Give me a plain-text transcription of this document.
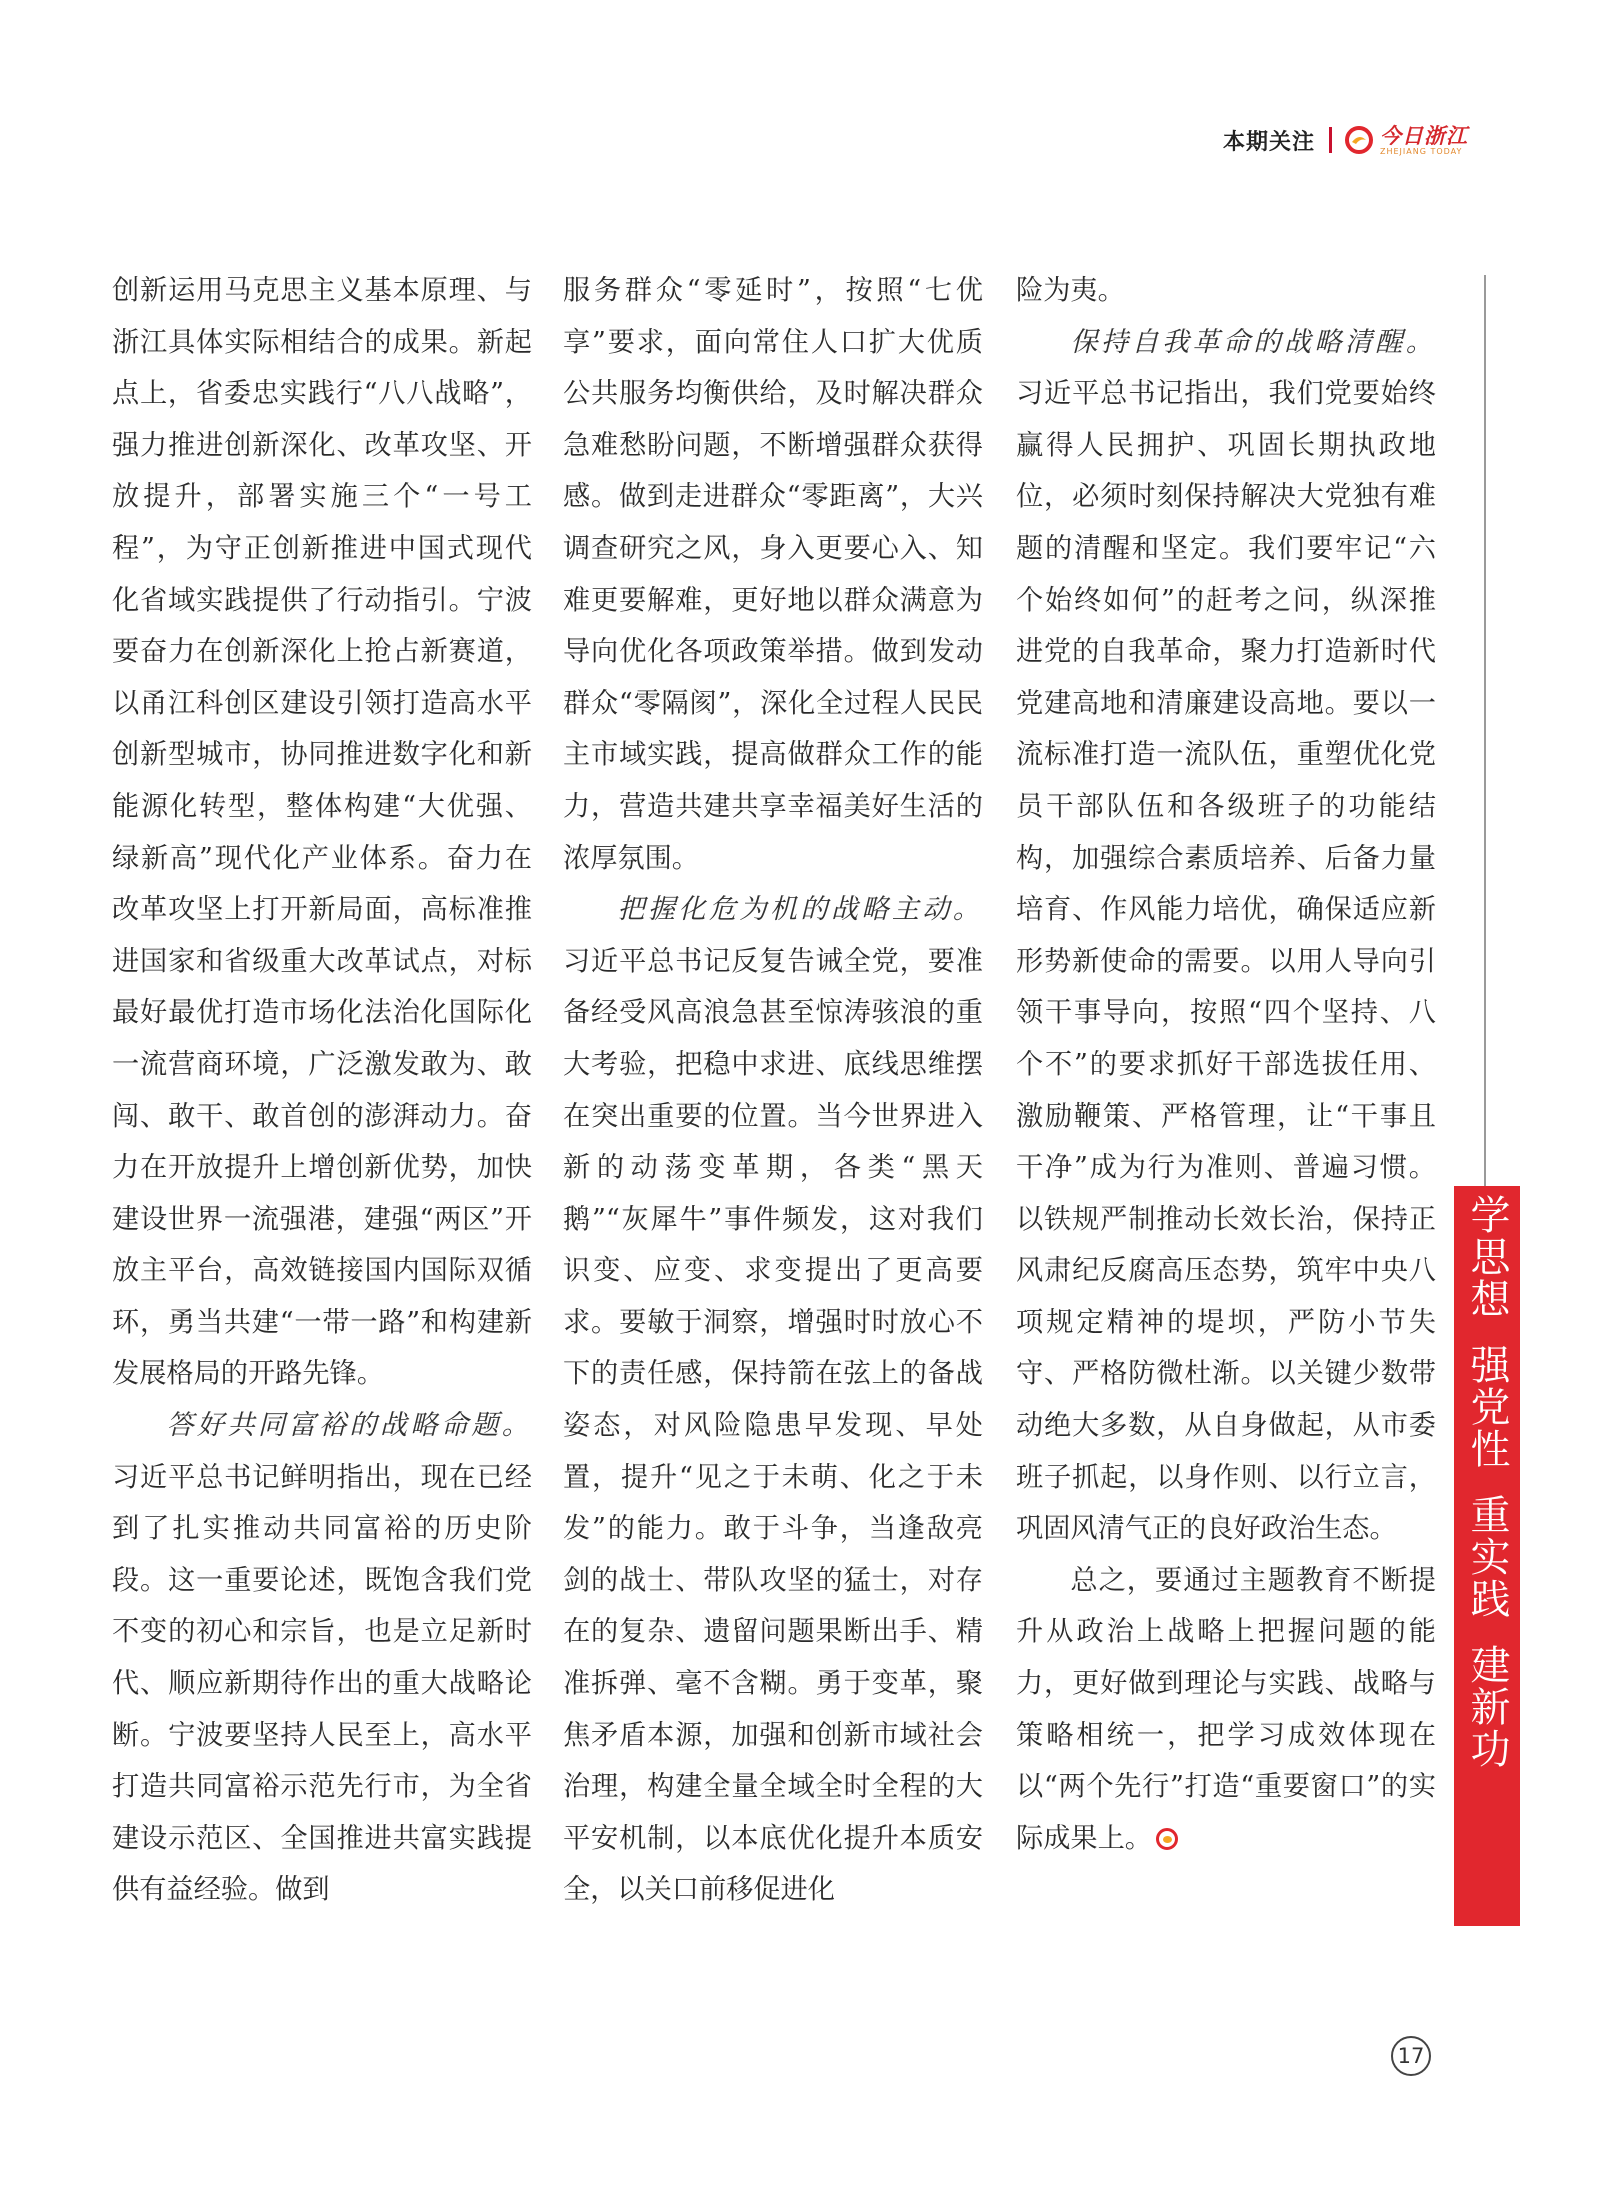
本期关注	今日浙江
ZHEJIANG TODAY

创新运用马克思主义基本原理、与浙江具体实际相结合的成果。新起点上，省委忠实践行“八八战略”，强力推进创新深化、改革攻坚、开放提升，部署实施三个“一号工程”，为守正创新推进中国式现代化省域实践提供了行动指引。宁波要奋力在创新深化上抢占新赛道，以甬江科创区建设引领打造高水平创新型城市，协同推进数字化和新能源化转型，整体构建“大优强、绿新高”现代化产业体系。奋力在改革攻坚上打开新局面，高标准推进国家和省级重大改革试点，对标最好最优打造市场化法治化国际化一流营商环境，广泛激发敢为、敢闯、敢干、敢首创的澎湃动力。奋力在开放提升上增创新优势，加快建设世界一流强港，建强“两区”开放主平台，高效链接国内国际双循环，勇当共建“一带一路”和构建新发展格局的开路先锋。

答好共同富裕的战略命题。习近平总书记鲜明指出，现在已经到了扎实推动共同富裕的历史阶段。这一重要论述，既饱含我们党不变的初心和宗旨，也是立足新时代、顺应新期待作出的重大战略论断。宁波要坚持人民至上，高水平打造共同富裕示范先行市，为全省建设示范区、全国推进共富实践提供有益经验。做到

服务群众“零延时”，按照“七优享”要求，面向常住人口扩大优质公共服务均衡供给，及时解决群众急难愁盼问题，不断增强群众获得感。做到走进群众“零距离”，大兴调查研究之风，身入更要心入、知难更要解难，更好地以群众满意为导向优化各项政策举措。做到发动群众“零隔阂”，深化全过程人民民主市域实践，提高做群众工作的能力，营造共建共享幸福美好生活的浓厚氛围。

把握化危为机的战略主动。习近平总书记反复告诫全党，要准备经受风高浪急甚至惊涛骇浪的重大考验，把稳中求进、底线思维摆在突出重要的位置。当今世界进入新的动荡变革期，各类“黑天鹅”“灰犀牛”事件频发，这对我们识变、应变、求变提出了更高要求。要敏于洞察，增强时时放心不下的责任感，保持箭在弦上的备战姿态，对风险隐患早发现、早处置，提升“见之于未萌、化之于未发”的能力。敢于斗争，当逢敌亮剑的战士、带队攻坚的猛士，对存在的复杂、遗留问题果断出手、精准拆弹、毫不含糊。勇于变革，聚焦矛盾本源，加强和创新市域社会治理，构建全量全域全时全程的大平安机制，以本底优化提升本质安全，以关口前移促进化

险为夷。

保持自我革命的战略清醒。习近平总书记指出，我们党要始终赢得人民拥护、巩固长期执政地位，必须时刻保持解决大党独有难题的清醒和坚定。我们要牢记“六个始终如何”的赶考之问，纵深推进党的自我革命，聚力打造新时代党建高地和清廉建设高地。要以一流标准打造一流队伍，重塑优化党员干部队伍和各级班子的功能结构，加强综合素质培养、后备力量培育、作风能力培优，确保适应新形势新使命的需要。以用人导向引领干事导向，按照“四个坚持、八个不”的要求抓好干部选拔任用、激励鞭策、严格管理，让“干事且干净”成为行为准则、普遍习惯。以铁规严制推动长效长治，保持正风肃纪反腐高压态势，筑牢中央八项规定精神的堤坝，严防小节失守、严格防微杜渐。以关键少数带动绝大多数，从自身做起，从市委班子抓起，以身作则、以行立言，巩固风清气正的良好政治生态。

总之，要通过主题教育不断提升从政治上战略上把握问题的能力，更好做到理论与实践、战略与策略相统一，把学习成效体现在以“两个先行”打造“重要窗口”的实际成果上。

学思想
强党性
重实践
建新功
17
